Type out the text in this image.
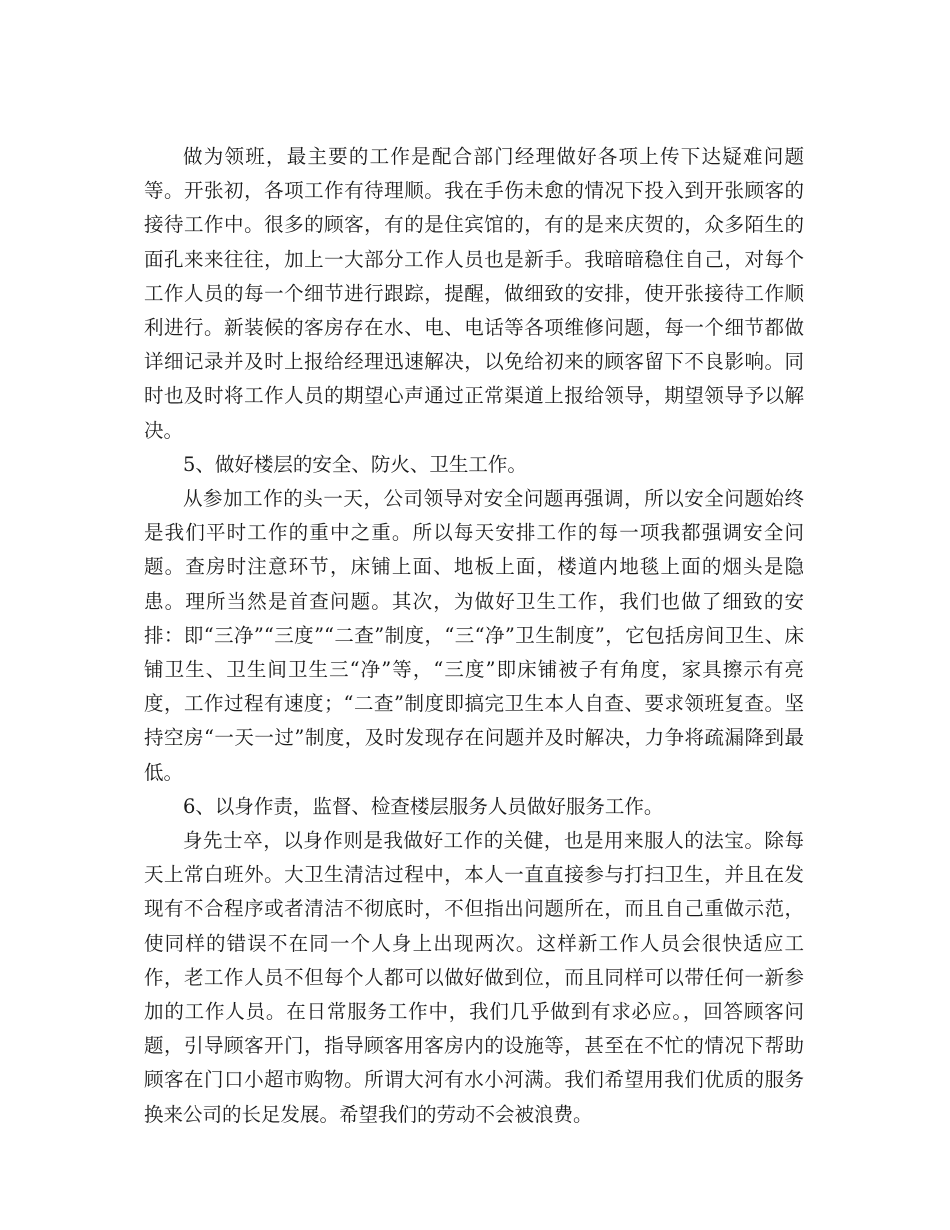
做为领班，最主要的工作是配合部门经理做好各项上传下达疑难问题等。开张初，各项工作有待理顺。我在手伤未愈的情况下投入到开张顾客的接待工作中。很多的顾客，有的是住宾馆的，有的是来庆贺的，众多陌生的面孔来来往往，加上一大部分工作人员也是新手。我暗暗稳住自己，对每个工作人员的每一个细节进行跟踪，提醒，做细致的安排，使开张接待工作顺利进行。新装候的客房存在水、电、电话等各项维修问题，每一个细节都做详细记录并及时上报给经理迅速解决，以免给初来的顾客留下不良影响。同时也及时将工作人员的期望心声通过正常渠道上报给领导，期望领导予以解决。

5、做好楼层的安全、防火、卫生工作。

从参加工作的头一天，公司领导对安全问题再强调，所以安全问题始终是我们平时工作的重中之重。所以每天安排工作的每一项我都强调安全问题。查房时注意环节，床铺上面、地板上面，楼道内地毯上面的烟头是隐患。理所当然是首查问题。其次，为做好卫生工作，我们也做了细致的安排：即“三净”“三度”“二查”制度，“三“净”卫生制度”，它包括房间卫生、床铺卫生、卫生间卫生三“净”等，“三度”即床铺被子有角度，家具擦示有亮度，工作过程有速度；“二查”制度即搞完卫生本人自查、要求领班复查。坚持空房“一天一过”制度，及时发现存在问题并及时解决，力争将疏漏降到最低。

6、以身作责，监督、检查楼层服务人员做好服务工作。

身先士卒，以身作则是我做好工作的关健，也是用来服人的法宝。除每天上常白班外。大卫生清洁过程中，本人一直直接参与打扫卫生，并且在发现有不合程序或者清洁不彻底时，不但指出问题所在，而且自己重做示范，使同样的错误不在同一个人身上出现两次。这样新工作人员会很快适应工作，老工作人员不但每个人都可以做好做到位，而且同样可以带任何一新参加的工作人员。在日常服务工作中，我们几乎做到有求必应。，回答顾客问题，引导顾客开门，指导顾客用客房内的设施等，甚至在不忙的情况下帮助顾客在门口小超市购物。所谓大河有水小河满。我们希望用我们优质的服务换来公司的长足发展。希望我们的劳动不会被浪费。
